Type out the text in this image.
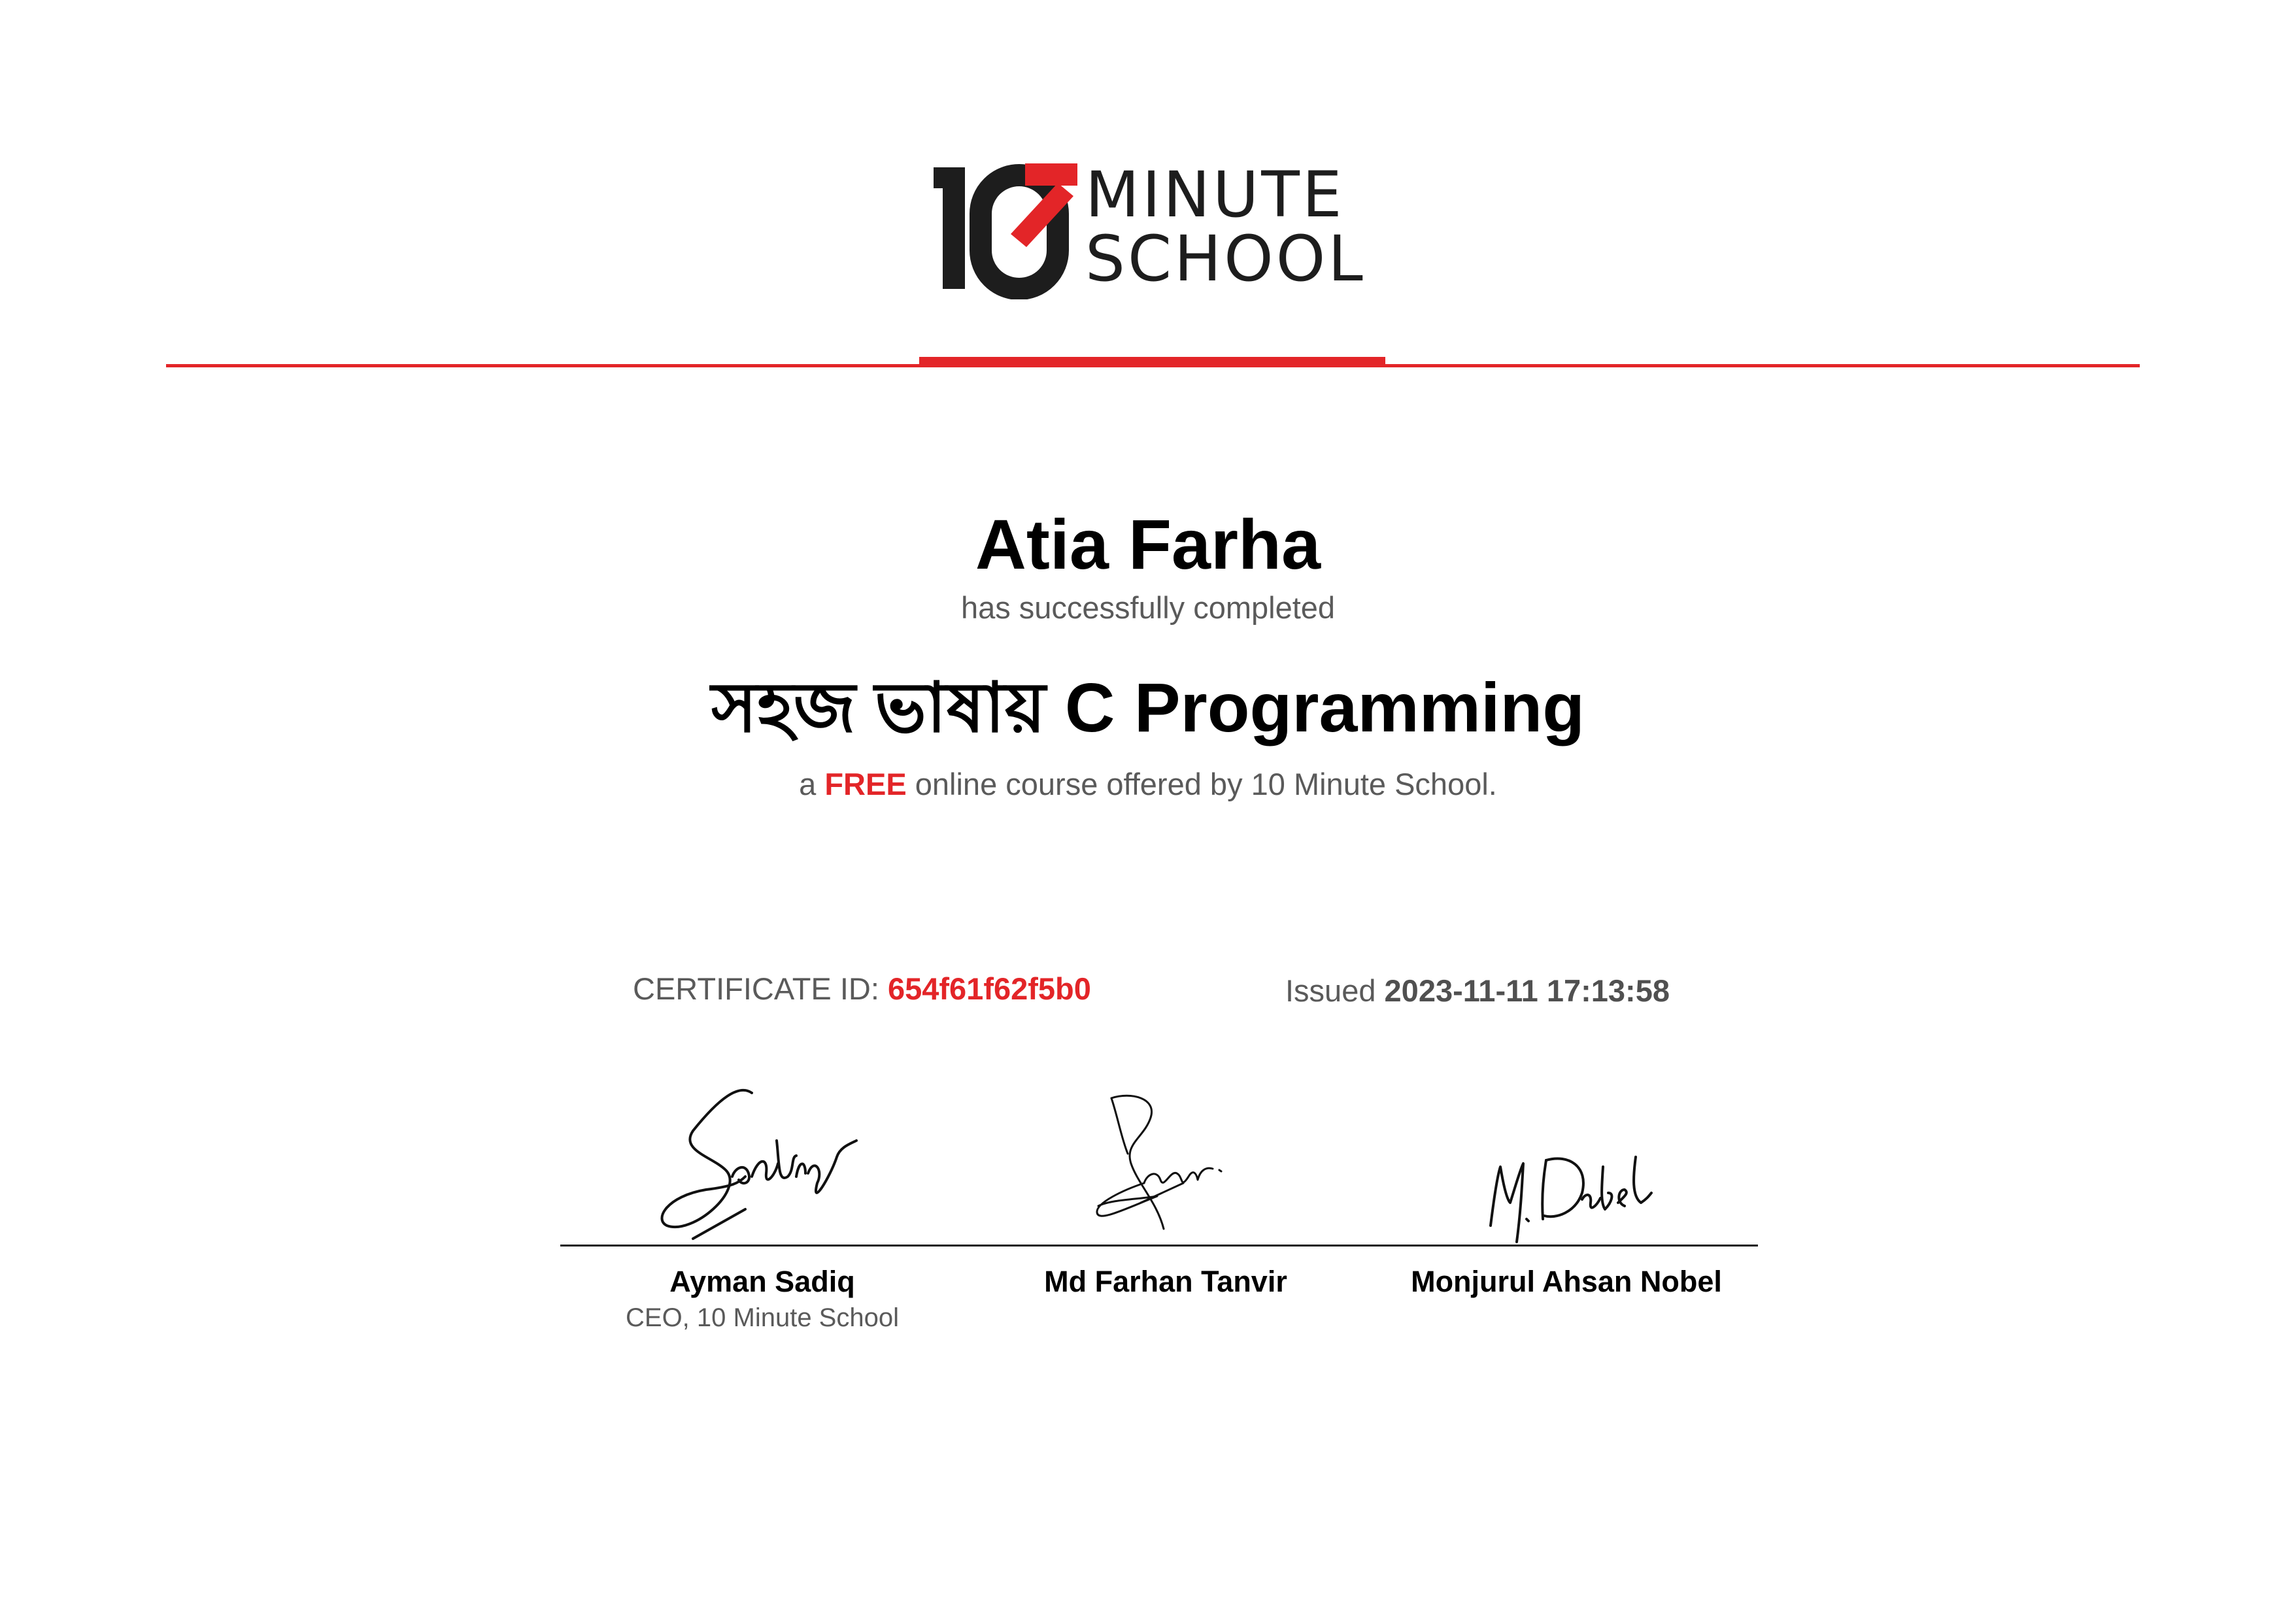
MINUTE
SCHOOL
Atia Farha
has successfully completed
সহজ ভাষায় C Programming
a FREE online course offered by 10 Minute School.
CERTIFICATE ID: 654f61f62f5b0	Issued 2023-11-11 17:13:58
Ayman Sadiq
CEO, 10 Minute School
Md Farhan Tanvir	Monjurul Ahsan Nobel
